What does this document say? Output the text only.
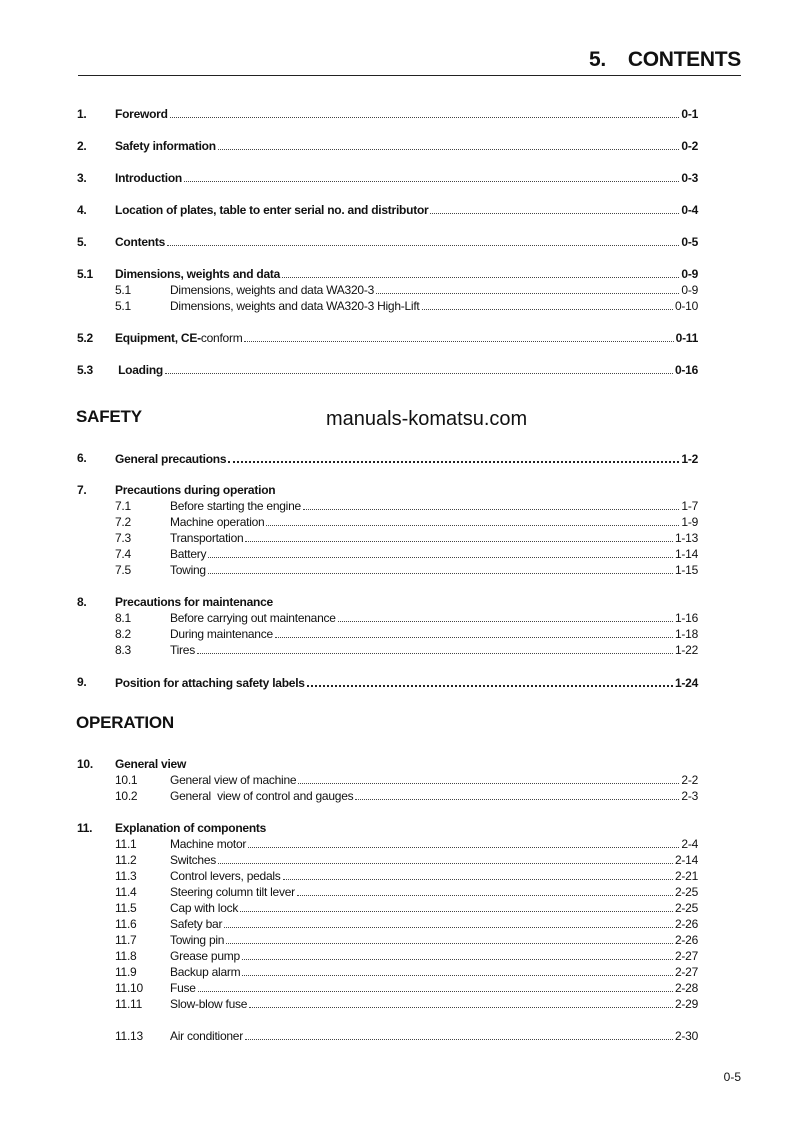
5. CONTENTS
SAFETY	manuals-komatsu.com
OPERATION
1. Foreword	0-1
2. Safety information	0-2
3. Introduction	0-3
4. Location of plates, table to enter serial no. and distributor	0-4
5. Contents	0-5
5.1 Dimensions, weights and data	0-9
5.1	Dimensions, weights and data WA320-3	0-9
5.1	Dimensions, weights and data WA320-3 High-Lift	0-10
5.2 Equipment, CE- conform	0-11
5.3 Loading	0-16
6. General precautions	1-2
7. Precautions during operation
7.1	Before starting the engine	1-7
7.2	Machine operation	1-9
7.3	Transportation	1-13
7.4	Battery	1-14
7.5	Towing	1-15
8. Precautions for maintenance
8.1	Before carrying out maintenance	1-16
8.2	During maintenance	1-18
8.3	Tires	1-22
9. Position for attaching safety labels	1-24
10. General view
10.1	General view of machine	2-2
10.2	General  view of control and gauges	2-3
11. Explanation of components
11.1	Machine motor	2-4
11.2	Switches	2-14
11.3	Control levers, pedals	2-21
11.4	Steering column tilt lever	2-25
11.5	Cap with lock	2-25
11.6	Safety bar	2-26
11.7	Towing pin	2-26
11.8	Grease pump	2-27
11.9	Backup alarm	2-27
11.10 Fuse	2-28
11.11 Slow-blow fuse	2-29
11.13 Air conditioner	2-30
0-5
